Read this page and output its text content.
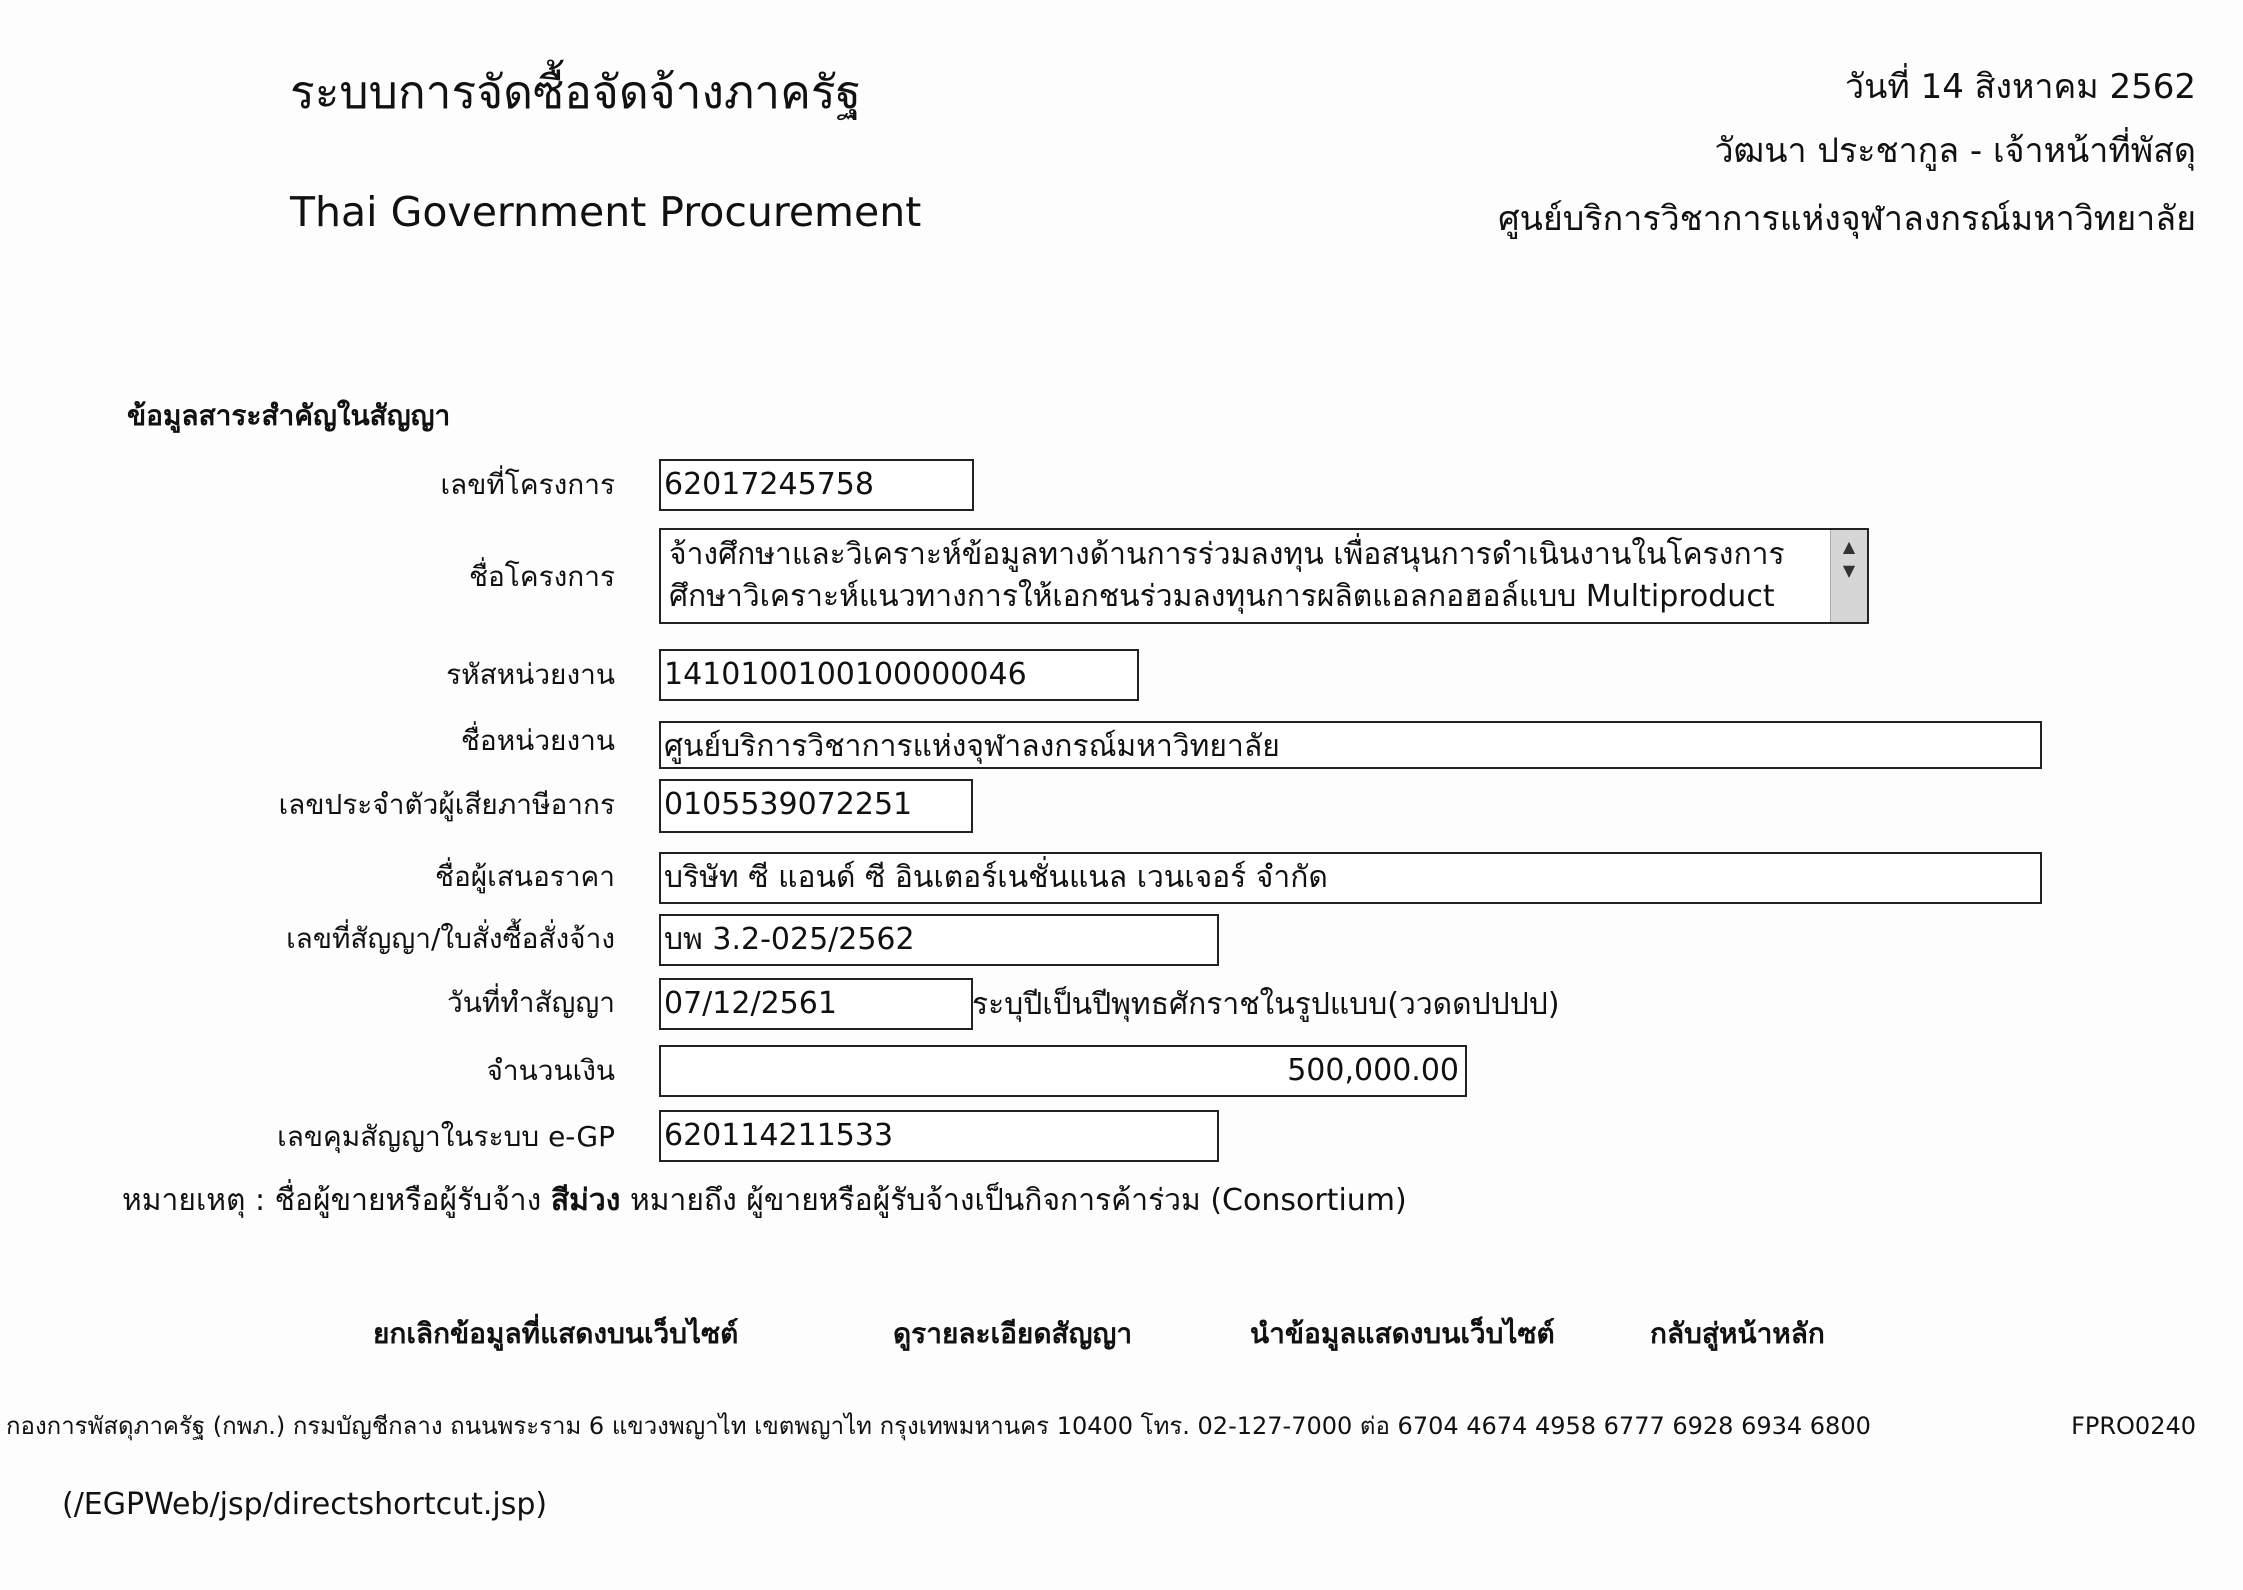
ระบบการจัดซื้อจัดจ้างภาครัฐ
Thai Government Procurement
วันที่ 14 สิงหาคม 2562
วัฒนา ประชากูล - เจ้าหน้าที่พัสดุ
ศูนย์บริการวิชาการแห่งจุฬาลงกรณ์มหาวิทยาลัย
ข้อมูลสาระสำคัญในสัญญา
เลขที่โครงการ 62017245758
ชื่อโครงการ
จ้างศึกษาและวิเคราะห์ข้อมูลทางด้านการร่วมลงทุน เพื่อสนุนการดำเนินงานในโครงการศึกษาวิเคราะห์แนวทางการให้เอกชนร่วมลงทุนการผลิตแอลกอฮอล์แบบ Multiproduct
▲
▼
รหัสหน่วยงาน 1410100100100000046
ชื่อหน่วยงาน ศูนย์บริการวิชาการแห่งจุฬาลงกรณ์มหาวิทยาลัย
เลขประจำตัวผู้เสียภาษีอากร 0105539072251
ชื่อผู้เสนอราคา บริษัท ซี แอนด์ ซี อินเตอร์เนชั่นแนล เวนเจอร์ จำกัด
เลขที่สัญญา/ใบสั่งซื้อสั่งจ้าง บพ 3.2-025/2562
วันที่ทำสัญญา 07/12/2561	ระบุปีเป็นปีพุทธศักราชในรูปแบบ(ววดดปปปป)
จำนวนเงิน	500,000.00
เลขคุมสัญญาในระบบ e-GP 620114211533
หมายเหตุ : ชื่อผู้ขายหรือผู้รับจ้าง สีม่วง หมายถึง ผู้ขายหรือผู้รับจ้างเป็นกิจการค้าร่วม (Consortium)
ยกเลิกข้อมูลที่แสดงบนเว็บไซต์	ดูรายละเอียดสัญญา	นำข้อมูลแสดงบนเว็บไซต์	กลับสู่หน้าหลัก
กองการพัสดุภาครัฐ (กพภ.) กรมบัญชีกลาง ถนนพระราม 6 แขวงพญาไท เขตพญาไท กรุงเทพมหานคร 10400 โทร. 02-127-7000 ต่อ 6704 4674 4958 6777 6928 6934 6800	FPRO0240
(/EGPWeb/jsp/directshortcut.jsp)
